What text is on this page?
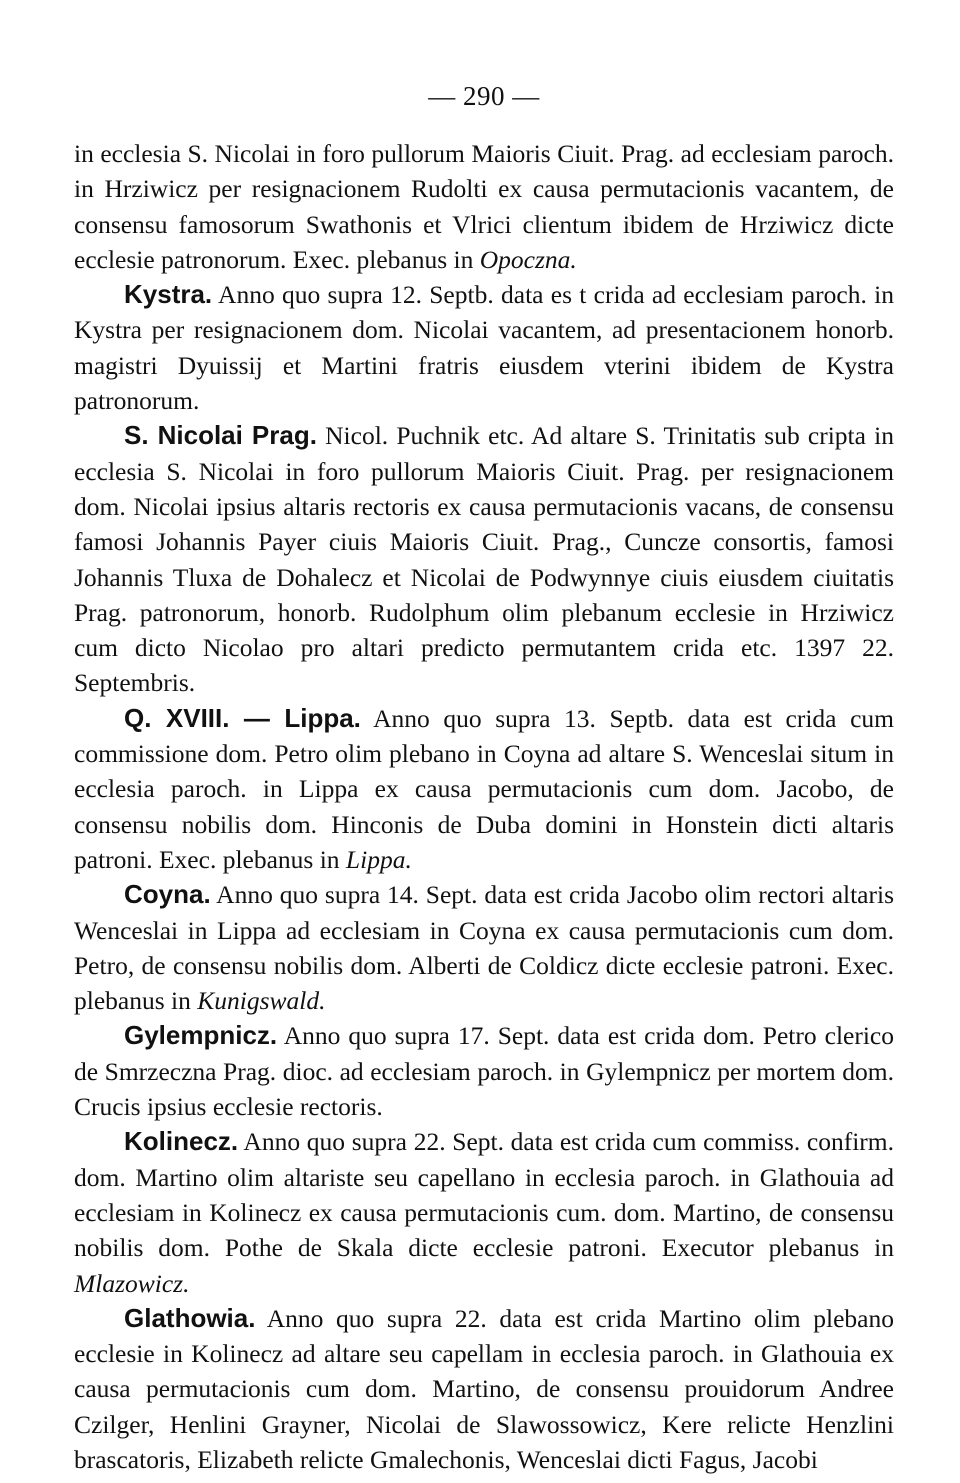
— 290 —

in ecclesia S. Nicolai in foro pullorum Maioris Ciuit. Prag. ad ecclesiam paroch. in Hrziwicz per resignacionem Rudolti ex causa permutacionis vacantem, de consensu famosorum Swathonis et Vlrici clientum ibidem de Hrziwicz dicte ecclesie patronorum. Exec. plebanus in Opoczna.

Kystra. Anno quo supra 12. Septb. data es t crida ad ecclesiam paroch. in Kystra per resignacionem dom. Nicolai vacantem, ad presentacionem honorb. magistri Dyuissij et Martini fratris eiusdem vterini ibidem de Kystra patronorum.

S. Nicolai Prag. Nicol. Puchnik etc. Ad altare S. Trinitatis sub cripta in ecclesia S. Nicolai in foro pullorum Maioris Ciuit. Prag. per resignacionem dom. Nicolai ipsius altaris rectoris ex causa permutacionis vacans, de consensu famosi Johannis Payer ciuis Maioris Ciuit. Prag., Cuncze consortis, famosi Johannis Tluxa de Dohalecz et Nicolai de Podwynnye ciuis eiusdem ciuitatis Prag. patronorum, honorb. Rudolphum olim plebanum ecclesie in Hrziwicz cum dicto Nicolao pro altari predicto permutantem crida etc. 1397 22. Septembris.

Q. XVIII. — Lippa. Anno quo supra 13. Septb. data est crida cum commissione dom. Petro olim plebano in Coyna ad altare S. Wenceslai situm in ecclesia paroch. in Lippa ex causa permutacionis cum dom. Jacobo, de consensu nobilis dom. Hinconis de Duba domini in Honstein dicti altaris patroni. Exec. plebanus in Lippa.

Coyna. Anno quo supra 14. Sept. data est crida Jacobo olim rectori altaris Wenceslai in Lippa ad ecclesiam in Coyna ex causa permutacionis cum dom. Petro, de consensu nobilis dom. Alberti de Coldicz dicte ecclesie patroni. Exec. plebanus in Kunigswald.

Gylempnicz. Anno quo supra 17. Sept. data est crida dom. Petro clerico de Smrzeczna Prag. dioc. ad ecclesiam paroch. in Gylempnicz per mortem dom. Crucis ipsius ecclesie rectoris.

Kolinecz. Anno quo supra 22. Sept. data est crida cum commiss. confirm. dom. Martino olim altariste seu capellano in ecclesia paroch. in Glathouia ad ecclesiam in Kolinecz ex causa permutacionis cum. dom. Martino, de consensu nobilis dom. Pothe de Skala dicte ecclesie patroni. Executor plebanus in Mlazowicz.

Glathowia. Anno quo supra 22. data est crida Martino olim plebano ecclesie in Kolinecz ad altare seu capellam in ecclesia paroch. in Glathouia ex causa permutacionis cum dom. Martino, de consensu prouidorum Andree Czilger, Henlini Grayner, Nicolai de Slawossowicz, Kere relicte Henzlini brascatoris, Elizabeth relicte Gmalechonis, Wenceslai dicti Fagus, Jacobi
